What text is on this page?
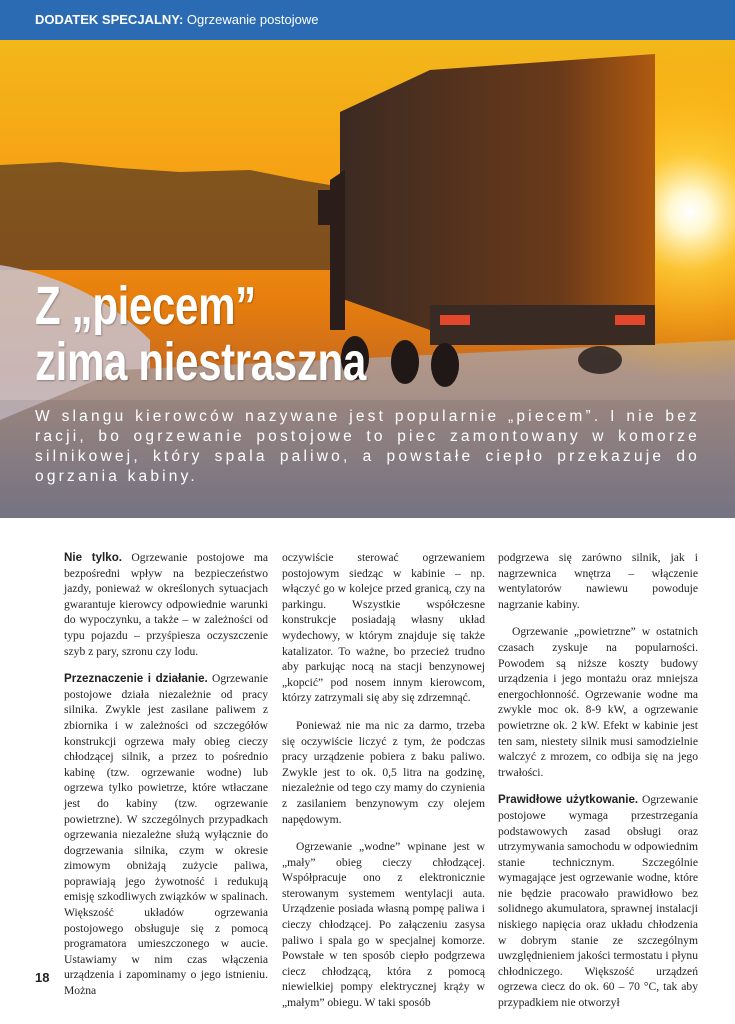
DODATEK SPECJALNY: Ogrzewanie postojowe
Z „piecem”
zima niestraszna

W slangu kierowców nazywane jest popularnie „piecem”. I nie bez racji, bo ogrzewanie postojowe to piec zamontowany w komorze silnikowej, który spala paliwo, a powstałe ciepło przekazuje do ogrzania kabiny.

Nie tylko. Ogrzewanie postojowe ma bezpośredni wpływ na bezpieczeństwo jazdy, ponieważ w określonych sytuacjach gwarantuje kierowcy odpowiednie warunki do wypoczynku, a także – w zależności od typu pojazdu – przyśpiesza oczyszczenie szyb z pary, szronu czy lodu.

Przeznaczenie i działanie. Ogrzewanie postojowe działa niezależnie od pracy silnika. Zwykle jest zasilane paliwem z zbiornika i w zależności od szczegółów konstrukcji ogrzewa mały obieg cieczy chłodzącej silnik, a przez to pośrednio kabinę (tzw. ogrzewanie wodne) lub ogrzewa tylko powietrze, które wtłaczane jest do kabiny (tzw. ogrzewanie powietrzne). W szczególnych przypadkach ogrzewania niezależne służą wyłącznie do dogrzewania silnika, czym w okresie zimowym obniżają zużycie paliwa, poprawiają jego żywotność i redukują emisję szkodliwych związków w spalinach. Większość układów ogrzewania postojowego obsługuje się z pomocą programatora umieszczonego w aucie. Ustawiamy w nim czas włączenia urządzenia i zapominamy o jego istnieniu. Można

oczywiście sterować ogrzewaniem postojowym siedząc w kabinie – np. włączyć go w kolejce przed granicą, czy na parkingu. Wszystkie współczesne konstrukcje posiadają własny układ wydechowy, w którym znajduje się także katalizator. To ważne, bo przecież trudno aby parkując nocą na stacji benzynowej „kopcić” pod nosem innym kierowcom, którzy zatrzymali się aby się zdrzemnąć.

Ponieważ nie ma nic za darmo, trzeba się oczywiście liczyć z tym, że podczas pracy urządzenie pobiera z baku paliwo. Zwykle jest to ok. 0,5 litra na godzinę, niezależnie od tego czy mamy do czynienia z zasilaniem benzynowym czy olejem napędowym.

Ogrzewanie „wodne” wpinane jest w „mały” obieg cieczy chłodzącej. Współpracuje ono z elektronicznie sterowanym systemem wentylacji auta. Urządzenie posiada własną pompę paliwa i cieczy chłodzącej. Po załączeniu zasysa paliwo i spala go w specjalnej komorze. Powstałe w ten sposób ciepło podgrzewa ciecz chłodzącą, która z pomocą niewielkiej pompy elektrycznej krąży w „małym” obiegu. W taki sposób

podgrzewa się zarówno silnik, jak i nagrzewnica wnętrza – włączenie wentylatorów nawiewu powoduje nagrzanie kabiny.

Ogrzewanie „powietrzne” w ostatnich czasach zyskuje na popularności. Powodem są niższe koszty budowy urządzenia i jego montażu oraz mniejsza energochłonność. Ogrzewanie wodne ma zwykle moc ok. 8-9 kW, a ogrzewanie powietrzne ok. 2 kW. Efekt w kabinie jest ten sam, niestety silnik musi samodzielnie walczyć z mrozem, co odbija się na jego trwałości.

Prawidłowe użytkowanie. Ogrzewanie postojowe wymaga przestrzegania podstawowych zasad obsługi oraz utrzymywania samochodu w odpowiednim stanie technicznym. Szczególnie wymagające jest ogrzewanie wodne, które nie będzie pracowało prawidłowo bez solidnego akumulatora, sprawnej instalacji niskiego napięcia oraz układu chłodzenia w dobrym stanie ze szczególnym uwzględnieniem jakości termostatu i płynu chłodniczego. Większość urządzeń ogrzewa ciecz do ok. 60 – 70 °C, tak aby przypadkiem nie otworzył

18
